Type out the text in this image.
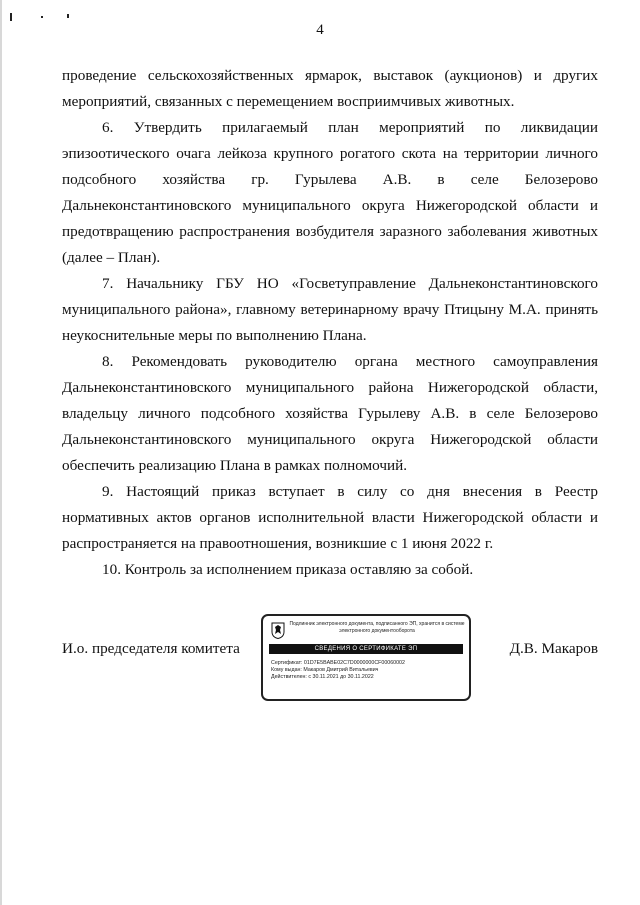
4

проведение сельскохозяйственных ярмарок, выставок (аукционов) и других мероприятий, связанных с перемещением восприимчивых животных.

6. Утвердить прилагаемый план мероприятий по ликвидации эпизоотического очага лейкоза крупного рогатого скота на территории личного подсобного хозяйства гр. Гурылева А.В. в селе Белозерово Дальнеконстантиновского муниципального округа Нижегородской области и предотвращению распространения возбудителя заразного заболевания животных (далее – План).

7. Начальнику ГБУ НО «Госветуправление Дальнеконстантиновского муниципального района», главному ветеринарному врачу Птицыну М.А. принять неукоснительные меры по выполнению Плана.

8. Рекомендовать руководителю органа местного самоуправления Дальнеконстантиновского муниципального района Нижегородской области, владельцу личного подсобного хозяйства Гурылеву А.В. в селе Белозерово Дальнеконстантиновского муниципального округа Нижегородской области обеспечить реализацию Плана в рамках полномочий.

9. Настоящий приказ вступает в силу со дня внесения в Реестр нормативных актов органов исполнительной власти Нижегородской области и распространяется на правоотношения, возникшие с 1 июня 2022 г.

10. Контроль за исполнением приказа оставляю за собой.

И.о. председателя комитета
Подлинник электронного документа, подписанного ЭП, хранится в системе электронного документооборота
СВЕДЕНИЯ О СЕРТИФИКАТЕ ЭП
Сертификат: 01D7E5BABE02C7D0000000CF00060002
Кому выдан: Макаров Дмитрий Витальевич
Действителен: с 30.11.2021 до 30.11.2022
Д.В. Макаров
